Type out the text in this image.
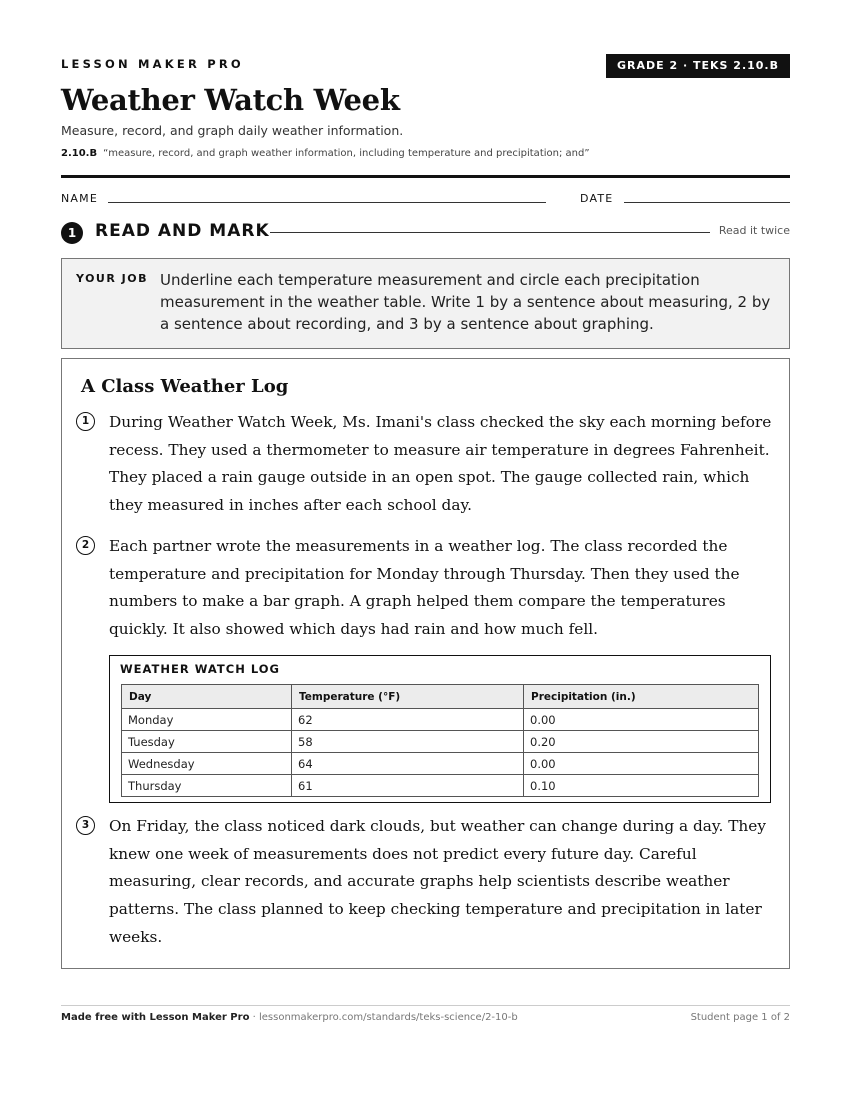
LESSON MAKER PRO	GRADE 2 · TEKS 2.10.B
Weather Watch Week
Measure, record, and graph daily weather information.
2.10.B “measure, record, and graph weather information, including temperature and precipitation; and”
NAME	DATE
1	READ AND MARK	Read it twice
YOUR JOB Underline each temperature measurement and circle each precipitation measurement in the weather table. Write 1 by a sentence about measuring, 2 by a sentence about recording, and 3 by a sentence about graphing.
A Class Weather Log
1	During Weather Watch Week, Ms. Imani's class checked the sky each morning before recess. They used a thermometer to measure air temperature in degrees Fahrenheit. They placed a rain gauge outside in an open spot. The gauge collected rain, which they measured in inches after each school day.
2	Each partner wrote the measurements in a weather log. The class recorded the temperature and precipitation for Monday through Thursday. Then they used the numbers to make a bar graph. A graph helped them compare the temperatures quickly. It also showed which days had rain and how much fell.
WEATHER WATCH LOG
Day	Temperature (°F)	Precipitation (in.)
Monday	62	0.00
Tuesday	58	0.20
Wednesday	64	0.00
Thursday	61	0.10
3	On Friday, the class noticed dark clouds, but weather can change during a day. They knew one week of measurements does not predict every future day. Careful measuring, clear records, and accurate graphs help scientists describe weather patterns. The class planned to keep checking temperature and precipitation in later weeks.
Made free with Lesson Maker Pro · lessonmakerpro.com/standards/teks-science/2-10-b	Student page 1 of 2
